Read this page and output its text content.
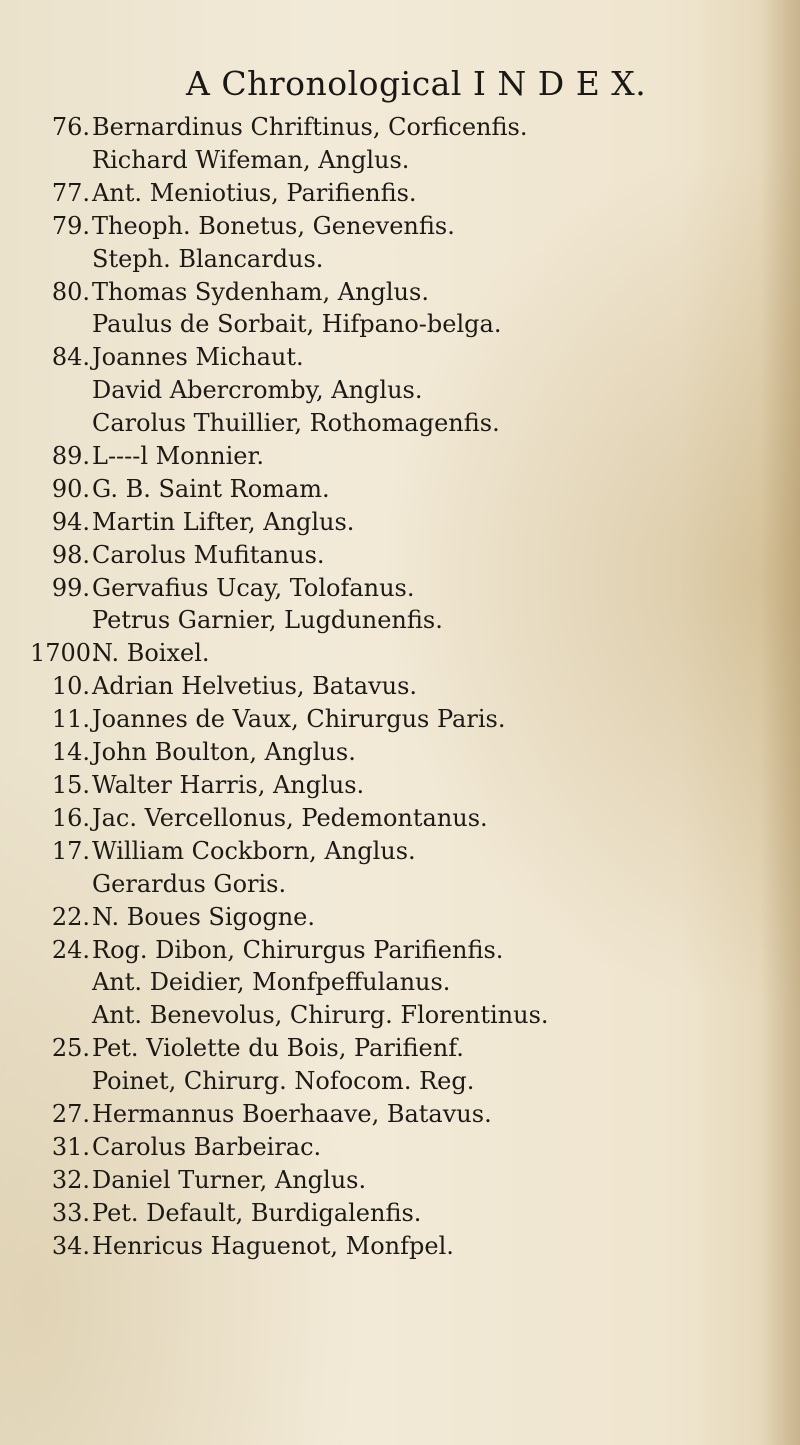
A Chronological I N D E X.
76. Bernardinus Chriftinus, Corficenfis.
Richard Wifeman, Anglus.
77. Ant. Meniotius, Parifienfis.
79. Theoph. Bonetus, Genevenfis.
Steph. Blancardus.
80. Thomas Sydenham, Anglus.
Paulus de Sorbait, Hifpano-belga.
84. Joannes Michaut.
David Abercromby, Anglus.
Carolus Thuillier, Rothomagenfis.
89. L----l Monnier.
90. G. B. Saint Romam.
94. Martin Lifter, Anglus.
98. Carolus Mufitanus.
99. Gervafius Ucay, Tolofanus.
Petrus Garnier, Lugdunenfis.
1700.
N. Boixel.
10. Adrian Helvetius, Batavus.
11. Joannes de Vaux, Chirurgus Paris.
14. John Boulton, Anglus.
15. Walter Harris, Anglus.
16. Jac. Vercellonus, Pedemontanus.
17. William Cockborn, Anglus.
Gerardus Goris.
22. N. Boues Sigogne.
24. Rog. Dibon, Chirurgus Parifienfis.
Ant. Deidier, Monfpeffulanus.
Ant. Benevolus, Chirurg. Florentinus.
25. Pet. Violette du Bois, Parifienf.
Poinet, Chirurg. Nofocom. Reg.
27. Hermannus Boerhaave, Batavus.
31. Carolus Barbeirac.
32. Daniel Turner, Anglus.
33. Pet. Default, Burdigalenfis.
34. Henricus Haguenot, Monfpel.
